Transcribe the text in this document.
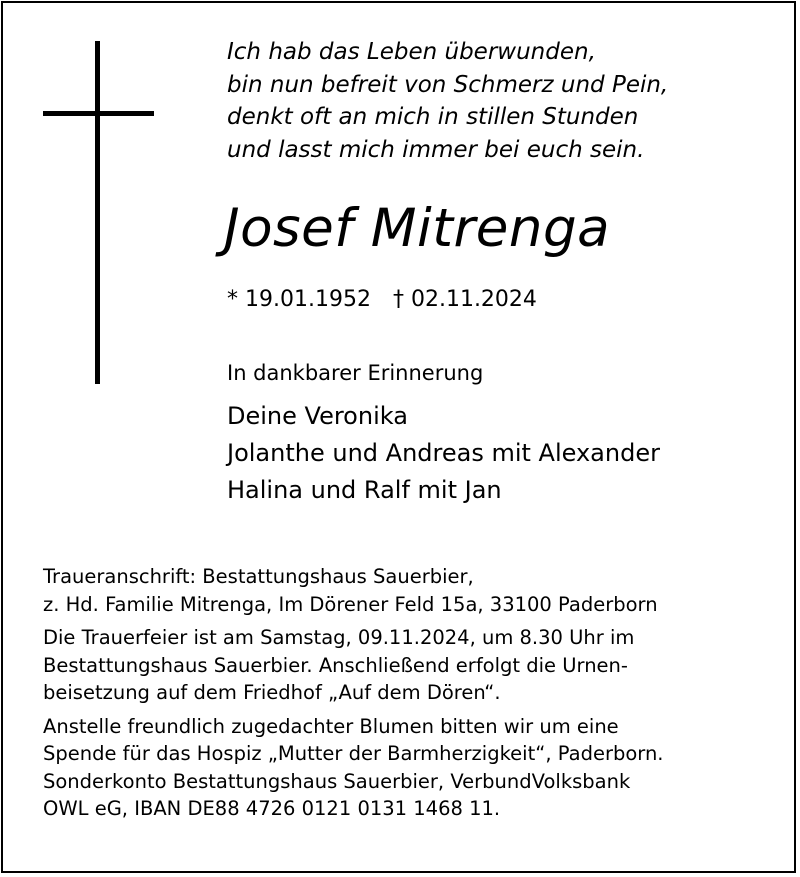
Ich hab das Leben überwunden,
bin nun befreit von Schmerz und Pein,
denkt oft an mich in stillen Stunden
und lasst mich immer bei euch sein.

Josef Mitrenga
* 19.01.1952 † 02.11.2024
In dankbarer Erinnerung
Deine Veronika
Jolanthe und Andreas mit Alexander
Halina und Ralf mit Jan
Traueranschrift: Bestattungshaus Sauerbier,
z. Hd. Familie Mitrenga, Im Dörener Feld 15a, 33100 Paderborn
Die Trauerfeier ist am Samstag, 09.11.2024, um 8.30 Uhr im
Bestattungshaus Sauerbier. Anschließend erfolgt die Urnen-
beisetzung auf dem Friedhof „Auf dem Dören“.
Anstelle freundlich zugedachter Blumen bitten wir um eine
Spende für das Hospiz „Mutter der Barmherzigkeit“, Paderborn.
Sonderkonto Bestattungshaus Sauerbier, VerbundVolksbank
OWL eG, IBAN DE88 4726 0121 0131 1468 11.
